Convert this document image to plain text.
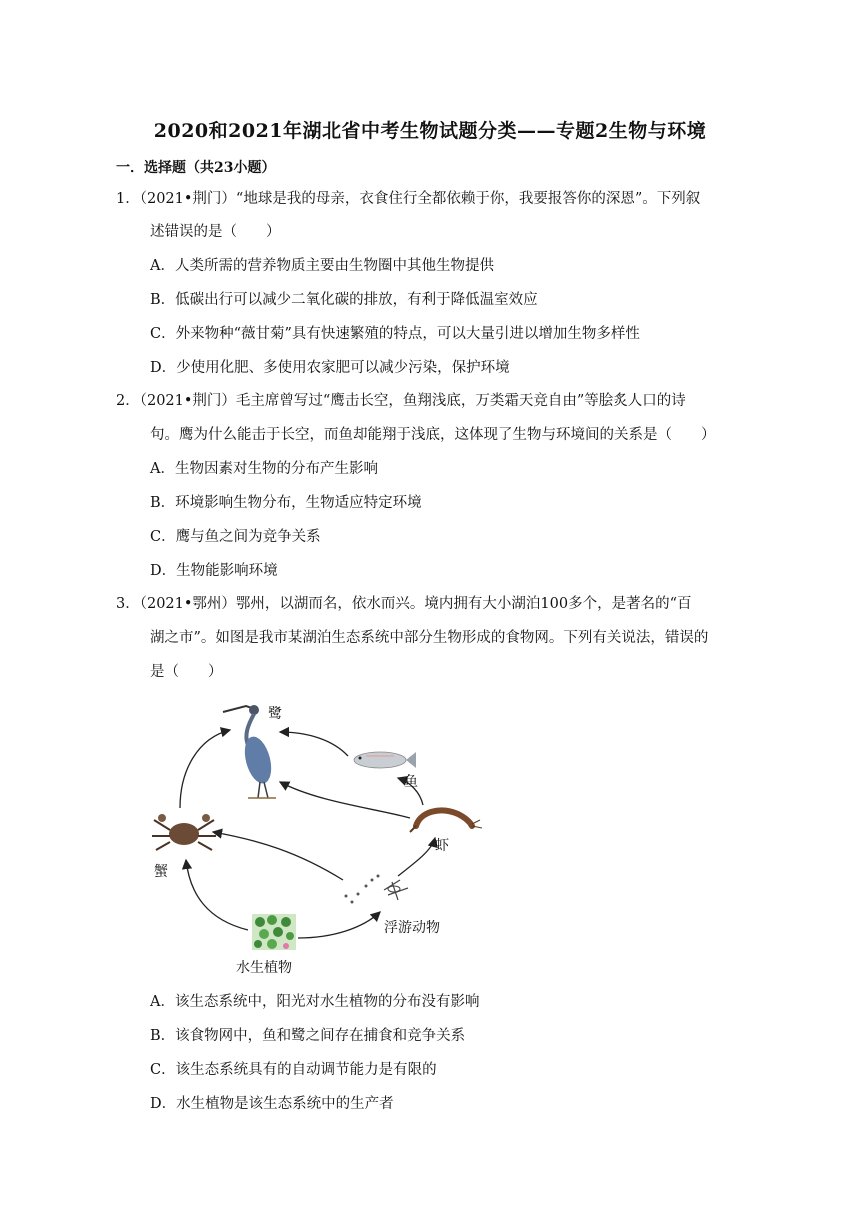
2020和2021年湖北省中考生物试题分类——专题2生物与环境
一．选择题（共23小题）
1．（2021•荆门）“地球是我的母亲，衣食住行全都依赖于你，我要报答你的深恩”。下列叙
述错误的是（　　）
A．人类所需的营养物质主要由生物圈中其他生物提供
B．低碳出行可以减少二氧化碳的排放，有利于降低温室效应
C．外来物种“薇甘菊”具有快速繁殖的特点，可以大量引进以增加生物多样性
D．少使用化肥、多使用农家肥可以减少污染，保护环境
2．（2021•荆门）毛主席曾写过“鹰击长空，鱼翔浅底，万类霜天竞自由”等脍炙人口的诗
句。鹰为什么能击于长空，而鱼却能翔于浅底，这体现了生物与环境间的关系是（　　）
A．生物因素对生物的分布产生影响
B．环境影响生物分布，生物适应特定环境
C．鹰与鱼之间为竞争关系
D．生物能影响环境
3．（2021•鄂州）鄂州，以湖而名，依水而兴。境内拥有大小湖泊100多个，是著名的“百
湖之市”。如图是我市某湖泊生态系统中部分生物形成的食物网。下列有关说法，错误的
是（　　）
鹭
鱼
虾
蟹
浮游动物
水生植物
A．该生态系统中，阳光对水生植物的分布没有影响
B．该食物网中，鱼和鹭之间存在捕食和竞争关系
C．该生态系统具有的自动调节能力是有限的
D．水生植物是该生态系统中的生产者
